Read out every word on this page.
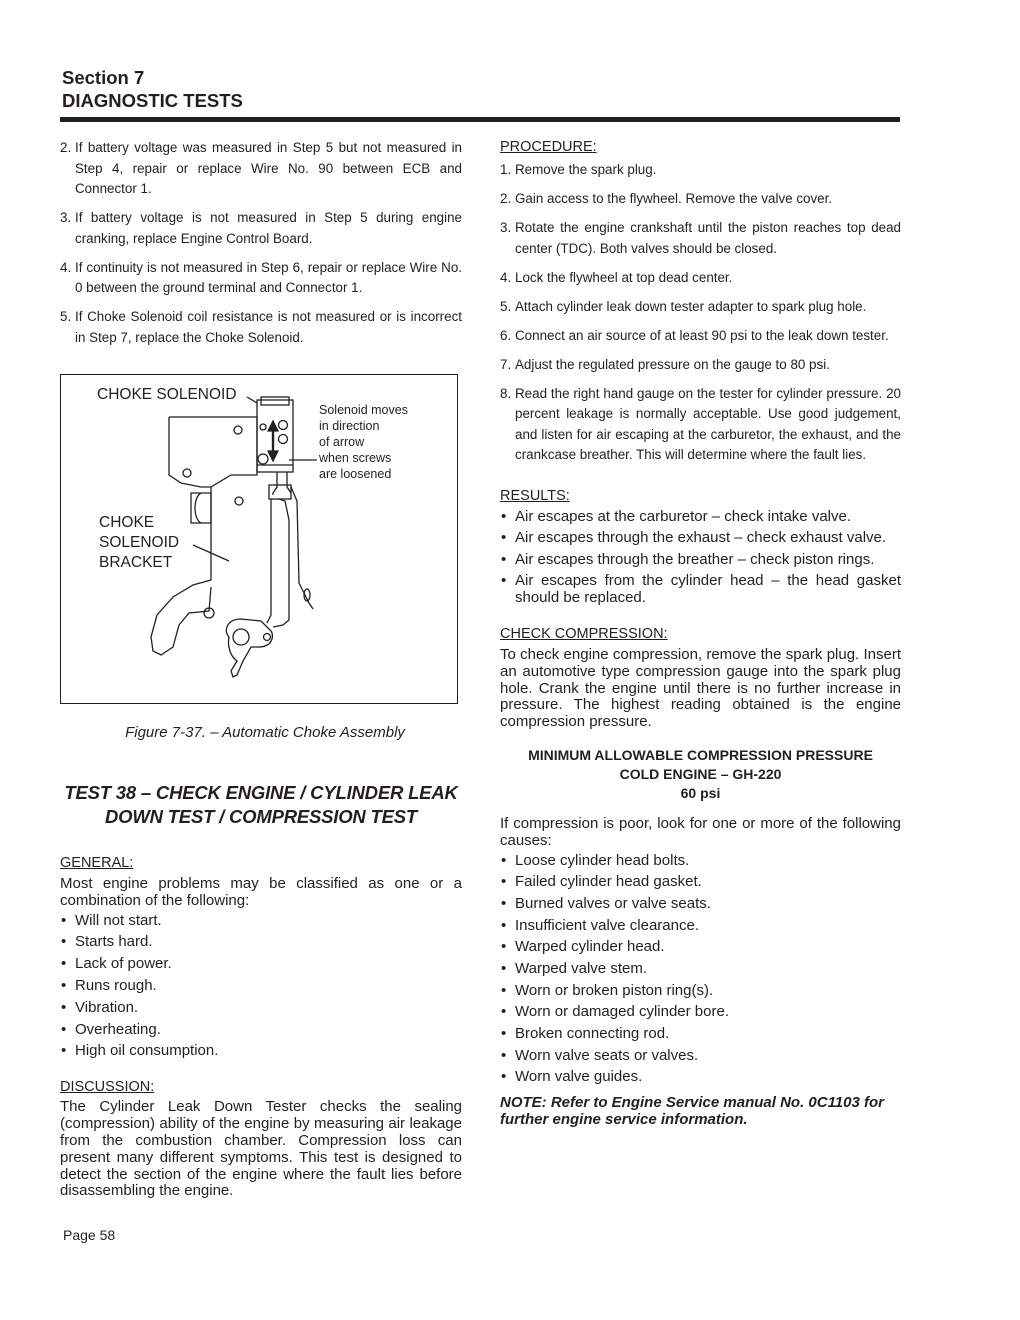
Section 7
DIAGNOSTIC TESTS
2. If battery voltage was measured in Step 5 but not measured in Step 4, repair or replace Wire No. 90 between ECB and Connector 1.
3. If battery voltage is not measured in Step 5 during engine cranking, replace Engine Control Board.
4. If continuity is not measured in Step 6, repair or replace Wire No. 0 between the ground terminal and Connector 1.
5. If Choke Solenoid coil resistance is not measured or is incorrect in Step 7, replace the Choke Solenoid.
CHOKE SOLENOID
CHOKE
SOLENOID
BRACKET
Solenoid moves
in direction
of arrow
when screws
are loosened
Figure 7-37. – Automatic Choke Assembly
TEST 38 – CHECK ENGINE / CYLINDER LEAK
DOWN TEST / COMPRESSION TEST
GENERAL:
Most engine problems may be classified as one or a combination of the following:
• Will not start.
• Starts hard.
• Lack of power.
• Runs rough.
• Vibration.
• Overheating.
• High oil consumption.
DISCUSSION:
The Cylinder Leak Down Tester checks the sealing (compression) ability of the engine by measuring air leakage from the combustion chamber. Compression loss can present many different symptoms. This test is designed to detect the section of the engine where the fault lies before disassembling the engine.
PROCEDURE:
1. Remove the spark plug.
2. Gain access to the flywheel. Remove the valve cover.
3. Rotate the engine crankshaft until the piston reaches top dead center (TDC). Both valves should be closed.
4. Lock the flywheel at top dead center.
5. Attach cylinder leak down tester adapter to spark plug hole.
6. Connect an air source of at least 90 psi to the leak down tester.
7. Adjust the regulated pressure on the gauge to 80 psi.
8. Read the right hand gauge on the tester for cylinder pressure. 20 percent leakage is normally acceptable. Use good judgement, and listen for air escaping at the carburetor, the exhaust, and the crankcase breather. This will determine where the fault lies.
RESULTS:
• Air escapes at the carburetor – check intake valve.
• Air escapes through the exhaust – check exhaust valve.
• Air escapes through the breather – check piston rings.
• Air escapes from the cylinder head – the head gasket should be replaced.
CHECK COMPRESSION:
To check engine compression, remove the spark plug. Insert an automotive type compression gauge into the spark plug hole. Crank the engine until there is no further increase in pressure. The highest reading obtained is the engine compression pressure.
MINIMUM ALLOWABLE COMPRESSION PRESSURE
COLD ENGINE – GH-220
60 psi
If compression is poor, look for one or more of the following causes:
• Loose cylinder head bolts.
• Failed cylinder head gasket.
• Burned valves or valve seats.
• Insufficient valve clearance.
• Warped cylinder head.
• Warped valve stem.
• Worn or broken piston ring(s).
• Worn or damaged cylinder bore.
• Broken connecting rod.
• Worn valve seats or valves.
• Worn valve guides.
NOTE: Refer to Engine Service manual No. 0C1103 for further engine service information.
Page 58
